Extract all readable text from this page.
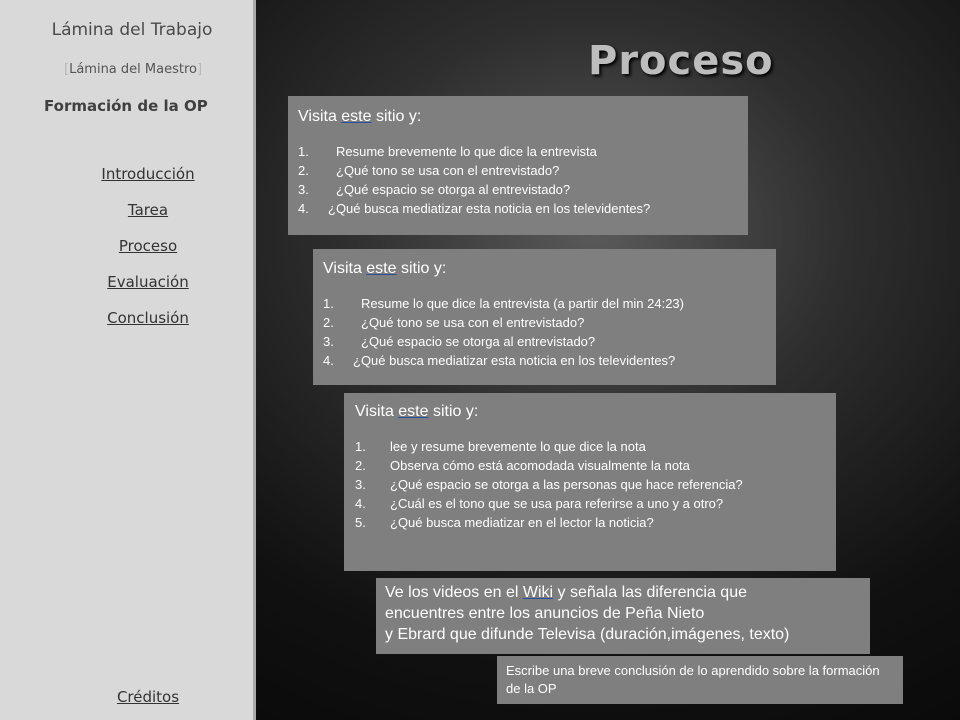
Lámina del Trabajo
[Lámina del Maestro]
Formación de la OP
Introducción
Tarea
Proceso
Evaluación
Conclusión
Créditos
Proceso
Visita este sitio y:
1. Resume brevemente lo que dice la entrevista
2. ¿Qué tono se usa con el entrevistado?
3. ¿Qué espacio se otorga al entrevistado?
4. ¿Qué busca mediatizar esta noticia en los televidentes?
Visita este sitio y:
1. Resume lo que dice la entrevista (a partir del min 24:23)
2. ¿Qué tono se usa con el entrevistado?
3. ¿Qué espacio se otorga al entrevistado?
4. ¿Qué busca mediatizar esta noticia en los televidentes?
Visita este sitio y:
1. lee y resume brevemente lo que dice la nota
2. Observa cómo está acomodada visualmente la nota
3. ¿Qué espacio se otorga a las personas que hace referencia?
4. ¿Cuál es el tono que se usa para referirse a uno y a otro?
5. ¿Qué busca mediatizar en el lector la noticia?
Ve los videos en el Wiki y señala las diferencia que
encuentres entre los anuncios de Peña Nieto
y Ebrard que difunde Televisa (duración,imágenes, texto)
Escribe una breve conclusión de lo aprendido sobre la formación de la OP
